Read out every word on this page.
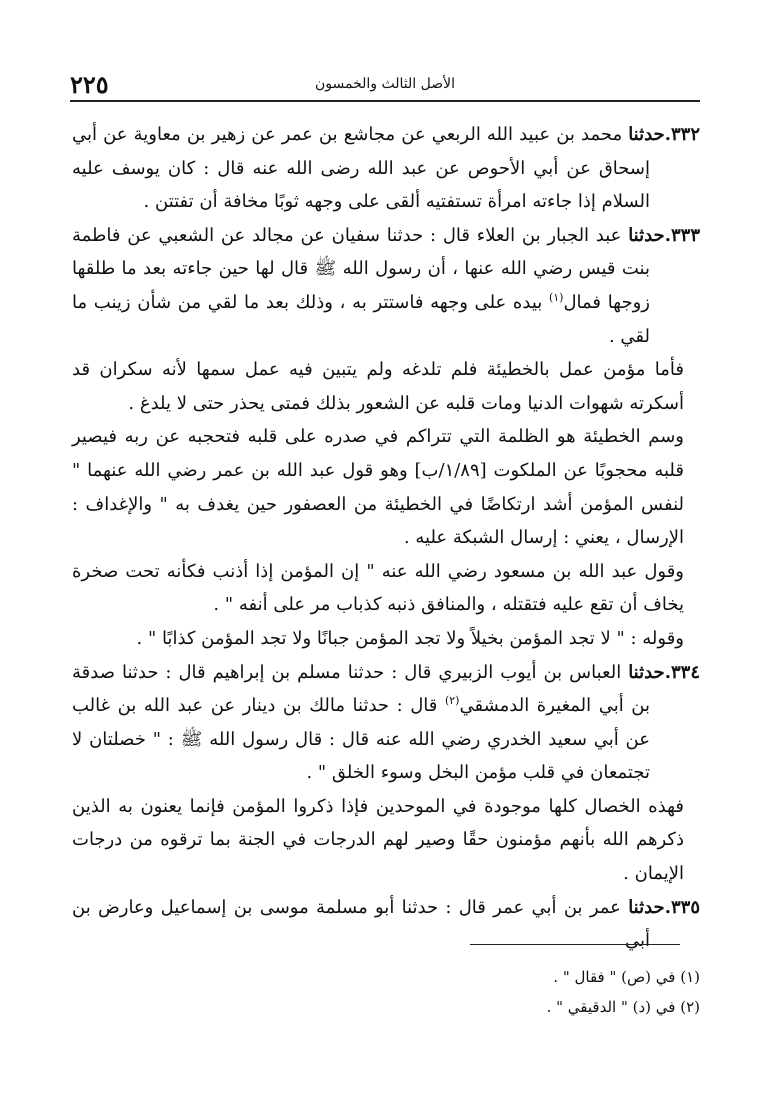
٢٢٥	الأصل الثالث والخمسون

٣٣٢.حدثنا محمد بن عبيد الله الربعي عن مجاشع بن عمر عن زهير بن معاوية عن أبي إسحاق عن أبي الأحوص عن عبد الله رضى الله عنه قال : كان يوسف عليه السلام إذا جاءته امرأة تستفتيه ألقى على وجهه ثوبًا مخافة أن تفتتن .

٣٣٣.حدثنا عبد الجبار بن العلاء قال : حدثنا سفيان عن مجالد عن الشعبي عن فاطمة بنت قيس رضي الله عنها ، أن رسول الله ﷺ قال لها حين جاءته بعد ما طلقها زوجها فمال$^{(١)}$ بيده على وجهه فاستتر به ، وذلك بعد ما لقي من شأن زينب ما لقي .

فأما مؤمن عمل بالخطيئة فلم تلدغه ولم يتبين فيه عمل سمها لأنه سكران قد أسكرته شهوات الدنيا ومات قلبه عن الشعور بذلك فمتى يحذر حتى لا يلدغ .

وسم الخطيئة هو الظلمة التي تتراكم في صدره على قلبه فتحجبه عن ربه فيصير قلبه محجوبًا عن الملكوت [١/٨٩/ب] وهو قول عبد الله بن عمر رضي الله عنهما " لنفس المؤمن أشد ارتكاضًا في الخطيئة من العصفور حين يغدف به " والإغداف : الإرسال ، يعني : إرسال الشبكة عليه .

وقول عبد الله بن مسعود رضي الله عنه " إن المؤمن إذا أذنب فكأنه تحت صخرة يخاف أن تقع عليه فتقتله ، والمنافق ذنبه كذباب مر على أنفه " .

وقوله : " لا تجد المؤمن بخيلاً ولا تجد المؤمن جبانًا ولا تجد المؤمن كذابًا " .

٣٣٤.حدثنا العباس بن أيوب الزبيري قال : حدثنا مسلم بن إبراهيم قال : حدثنا صدقة بن أبي المغيرة الدمشقي$^{(٢)}$ قال : حدثنا مالك بن دينار عن عبد الله بن غالب عن أبي سعيد الخدري رضي الله عنه قال : قال رسول الله ﷺ : " خصلتان لا تجتمعان في قلب مؤمن البخل وسوء الخلق " .

فهذه الخصال كلها موجودة في الموحدين فإذا ذكروا المؤمن فإنما يعنون به الذين ذكرهم الله بأنهم مؤمنون حقًا وصير لهم الدرجات في الجنة بما ترقوه من درجات الإيمان .

٣٣٥.حدثنا عمر بن أبي عمر قال : حدثنا أبو مسلمة موسى بن إسماعيل وعارض بن أبي

(١) في (ص) " فقال " .

(٢) في (د) " الدقيقي " .
